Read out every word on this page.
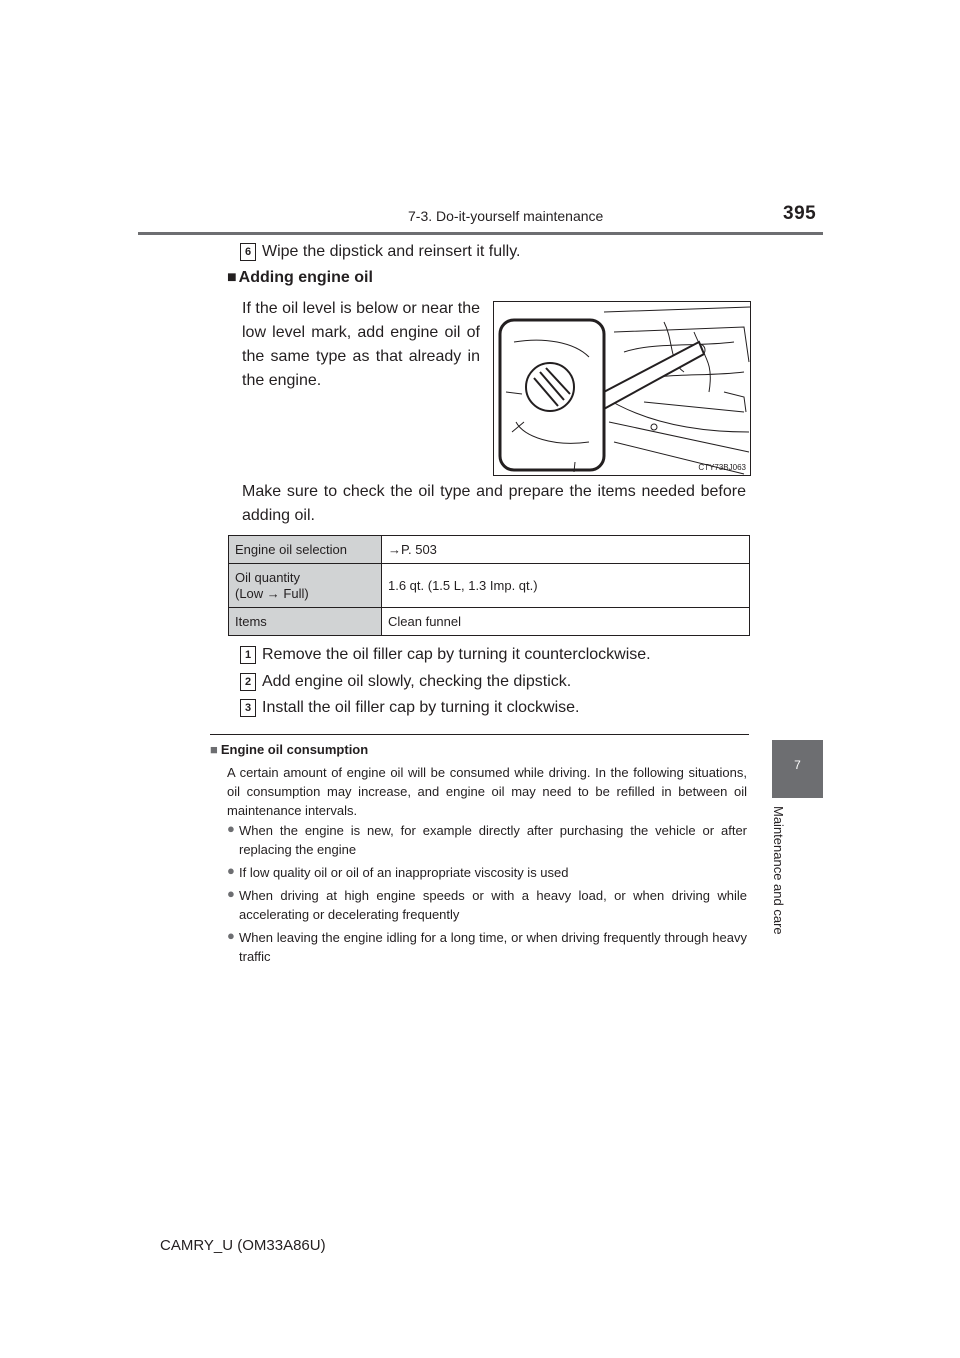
7-3. Do-it-yourself maintenance	395
7
Maintenance and care
6 Wipe the dipstick and reinsert it fully.
■ Adding engine oil
If the oil level is below or near the low level mark, add engine oil of the same type as that already in the engine.
CTY73BJ063
Make sure to check the oil type and prepare the items needed before adding oil.
Engine oil selection	→P. 503
Oil quantity
(Low → Full)	1.6 qt. (1.5 L, 1.3 Imp. qt.)
Items	Clean funnel
1 Remove the oil filler cap by turning it counterclockwise.
2 Add engine oil slowly, checking the dipstick.
3 Install the oil filler cap by turning it clockwise.
■ Engine oil consumption
A certain amount of engine oil will be consumed while driving. In the following situations, oil consumption may increase, and engine oil may need to be refilled in between oil maintenance intervals.
● When the engine is new, for example directly after purchasing the vehicle or after replacing the engine
● If low quality oil or oil of an inappropriate viscosity is used
● When driving at high engine speeds or with a heavy load, or when driving while accelerating or decelerating frequently
● When leaving the engine idling for a long time, or when driving frequently through heavy traffic
CAMRY_U (OM33A86U)
